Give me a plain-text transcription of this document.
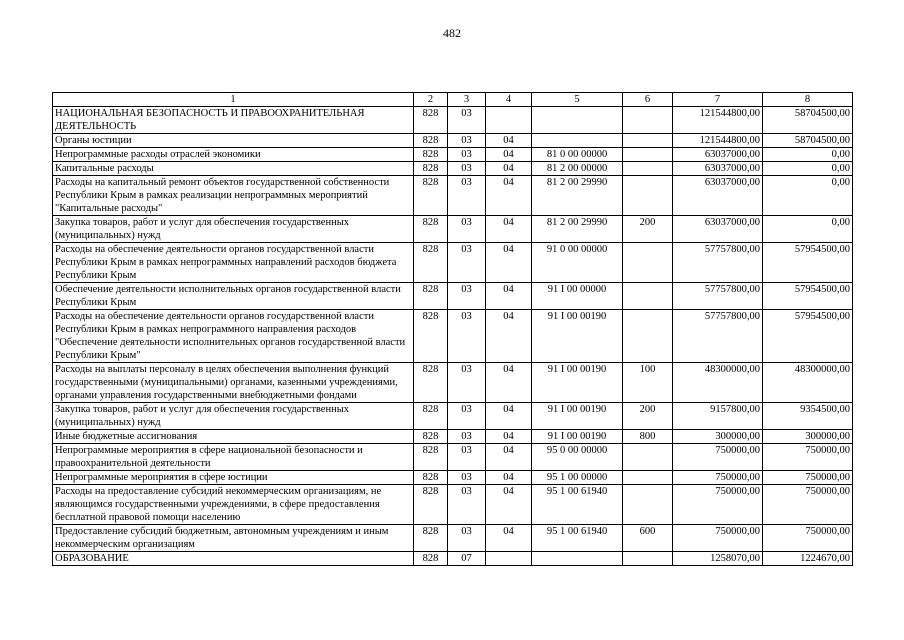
482
1	2	3	4	5	6	7	8
НАЦИОНАЛЬНАЯ БЕЗОПАСНОСТЬ И ПРАВООХРАНИТЕЛЬНАЯ ДЕЯТЕЛЬНОСТЬ	828	03				121544800,00	58704500,00
Органы юстиции	828	03	04			121544800,00	58704500,00
Непрограммные расходы отраслей экономики	828	03	04	81 0 00 00000		63037000,00	0,00
Капитальные расходы	828	03	04	81 2 00 00000		63037000,00	0,00
Расходы на капитальный ремонт объектов государственной собственности Республики Крым в рамках реализации непрограммных мероприятий "Капитальные расходы"	828	03	04	81 2 00 29990		63037000,00	0,00
Закупка товаров, работ и услуг для обеспечения государственных (муниципальных) нужд	828	03	04	81 2 00 29990	200	63037000,00	0,00
Расходы на обеспечение деятельности органов государственной власти Республики Крым в рамках непрограммных направлений расходов бюджета Республики Крым	828	03	04	91 0 00 00000		57757800,00	57954500,00
Обеспечение деятельности исполнительных органов государственной власти Республики Крым	828	03	04	91 I 00 00000		57757800,00	57954500,00
Расходы на обеспечение деятельности органов государственной власти Республики Крым в рамках непрограммного направления расходов "Обеспечение деятельности исполнительных органов государственной власти Республики Крым"	828	03	04	91 I 00 00190		57757800,00	57954500,00
Расходы на выплаты персоналу в целях обеспечения выполнения функций государственными (муниципальными) органами, казенными учреждениями, органами управления государственными внебюджетными фондами	828	03	04	91 I 00 00190	100	48300000,00	48300000,00
Закупка товаров, работ и услуг для обеспечения государственных (муниципальных) нужд	828	03	04	91 I 00 00190	200	9157800,00	9354500,00
Иные бюджетные ассигнования	828	03	04	91 I 00 00190	800	300000,00	300000,00
Непрограммные мероприятия в сфере национальной безопасности и правоохранительной деятельности	828	03	04	95 0 00 00000		750000,00	750000,00
Непрограммные мероприятия в сфере юстиции	828	03	04	95 1 00 00000		750000,00	750000,00
Расходы на предоставление субсидий некоммерческим организациям, не являющимся государственными учреждениями, в сфере предоставления бесплатной правовой помощи населению	828	03	04	95 1 00 61940		750000,00	750000,00
Предоставление субсидий бюджетным, автономным учреждениям и иным некоммерческим организациям	828	03	04	95 1 00 61940	600	750000,00	750000,00
ОБРАЗОВАНИЕ	828	07				1258070,00	1224670,00
